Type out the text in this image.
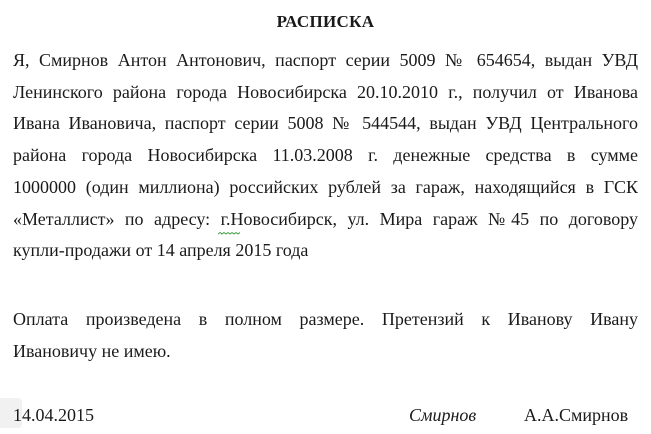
РАСПИСКА
Я, Смирнов Антон Антонович, паспорт серии 5009 № 654654, выдан УВД
Ленинского района города Новосибирска 20.10.2010 г., получил от Иванова
Ивана Ивановича, паспорт серии 5008 № 544544, выдан УВД Центрального
района города Новосибирска 11.03.2008 г. денежные средства в сумме
1000000 (один миллиона) российских рублей за гараж, находящийся в ГСК
«Металлист» по адресу: г.Новосибирск, ул. Мира гараж №45 по договору
купли-продажи от 14 апреля 2015 года
Оплата произведена в полном размере. Претензий к Иванову Ивану
Ивановичу не имею.
14.04.2015	Смирнов	А.А.Смирнов
